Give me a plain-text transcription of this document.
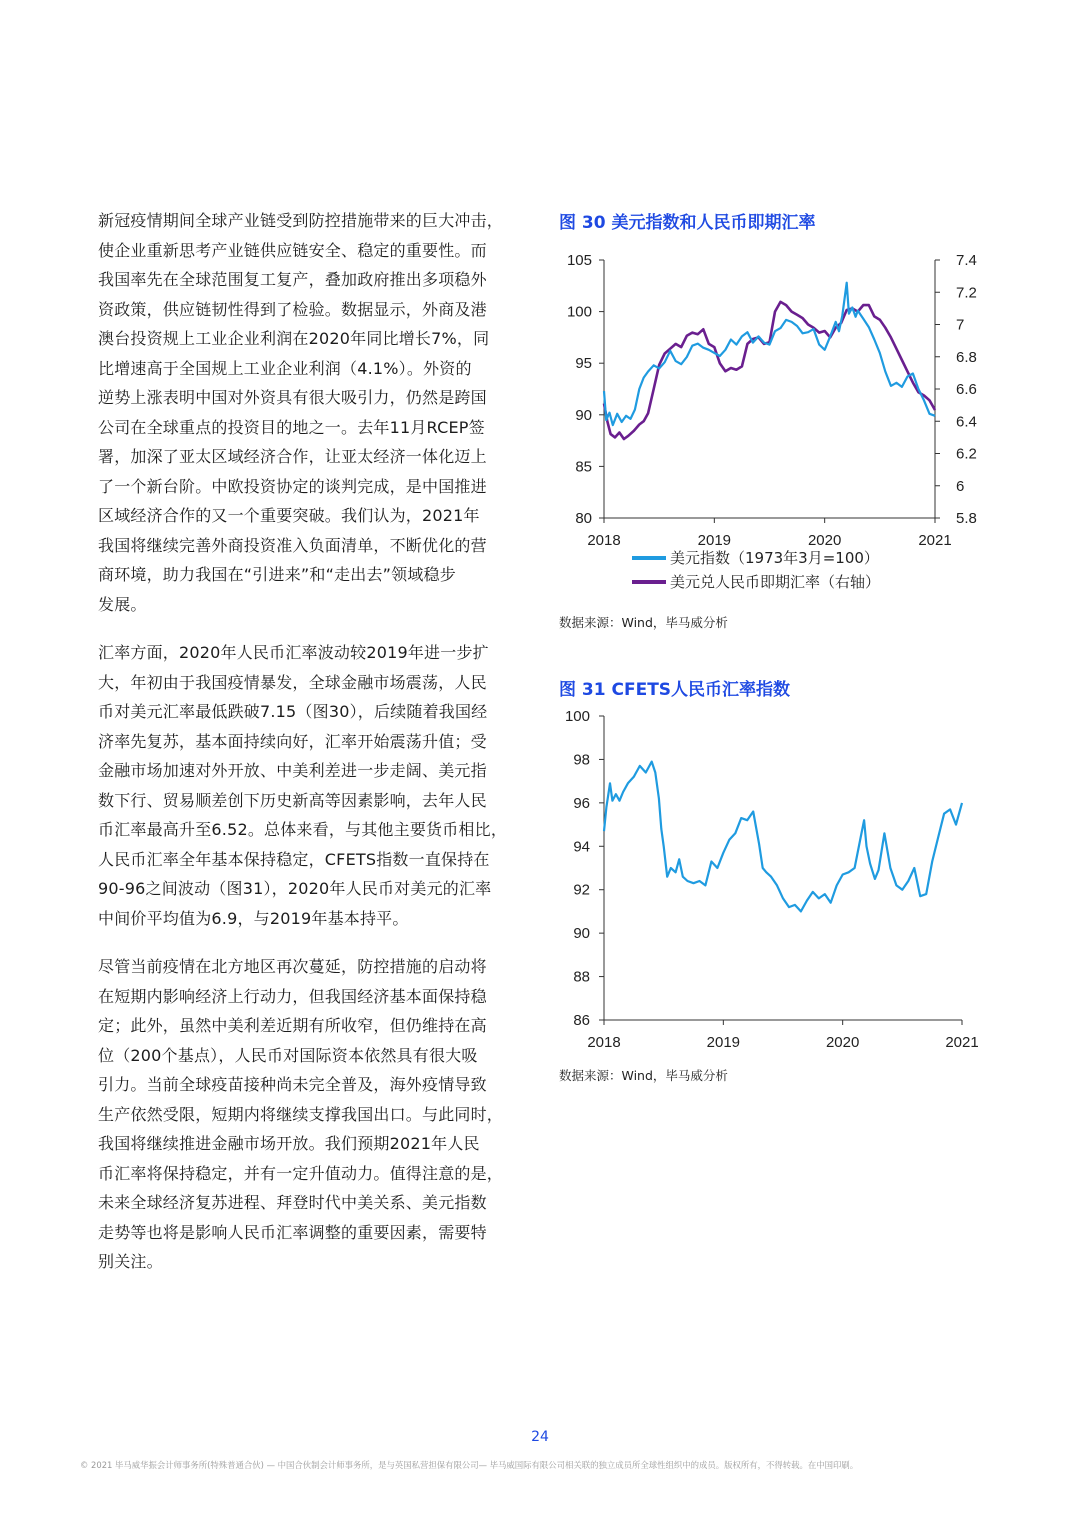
新冠疫情期间全球产业链受到防控措施带来的巨大冲击，
使企业重新思考产业链供应链安全、稳定的重要性。而
我国率先在全球范围复工复产，叠加政府推出多项稳外
资政策，供应链韧性得到了检验。数据显示，外商及港
澳台投资规上工业企业利润在2020年同比增长7%，同
比增速高于全国规上工业企业利润（4.1%）。外资的
逆势上涨表明中国对外资具有很大吸引力，仍然是跨国
公司在全球重点的投资目的地之一。去年11月RCEP签
署，加深了亚太区域经济合作，让亚太经济一体化迈上
了一个新台阶。中欧投资协定的谈判完成，是中国推进
区域经济合作的又一个重要突破。我们认为，2021年
我国将继续完善外商投资准入负面清单，不断优化的营
商环境，助力我国在“引进来”和“走出去”领域稳步
发展。

汇率方面，2020年人民币汇率波动较2019年进一步扩
大，年初由于我国疫情暴发，全球金融市场震荡，人民
币对美元汇率最低跌破7.15（图30），后续随着我国经
济率先复苏，基本面持续向好，汇率开始震荡升值；受
金融市场加速对外开放、中美利差进一步走阔、美元指
数下行、贸易顺差创下历史新高等因素影响，去年人民
币汇率最高升至6.52。总体来看，与其他主要货币相比，
人民币汇率全年基本保持稳定，CFETS指数一直保持在
90-96之间波动（图31），2020年人民币对美元的汇率
中间价平均值为6.9，与2019年基本持平。

尽管当前疫情在北方地区再次蔓延，防控措施的启动将
在短期内影响经济上行动力，但我国经济基本面保持稳
定；此外，虽然中美利差近期有所收窄，但仍维持在高
位（200个基点），人民币对国际资本依然具有很大吸
引力。当前全球疫苗接种尚未完全普及，海外疫情导致
生产依然受限，短期内将继续支撑我国出口。与此同时，
我国将继续推进金融市场开放。我们预期2021年人民
币汇率将保持稳定，并有一定升值动力。值得注意的是，
未来全球经济复苏进程、拜登时代中美关系、美元指数
走势等也将是影响人民币汇率调整的重要因素，需要特
别关注。

图 30 美元指数和人民币即期汇率
图 31 CFETS人民币汇率指数
数据来源：Wind，毕马威分析
数据来源：Wind，毕马威分析
80
85
90
95
100
105
5.8
6
6.2
6.4
6.6
6.8
7
7.2
7.4
2018	2019	2020	2021
美元指数（1973年3月=100）
美元兑人民币即期汇率（右轴）
86
88
90
92
94
96
98
100
2018	2019	2020	2021
24
© 2021 毕马威华振会计师事务所(特殊普通合伙) — 中国合伙制会计师事务所，是与英国私营担保有限公司— 毕马威国际有限公司相关联的独立成员所全球性组织中的成员。版权所有，不得转载。在中国印刷。
